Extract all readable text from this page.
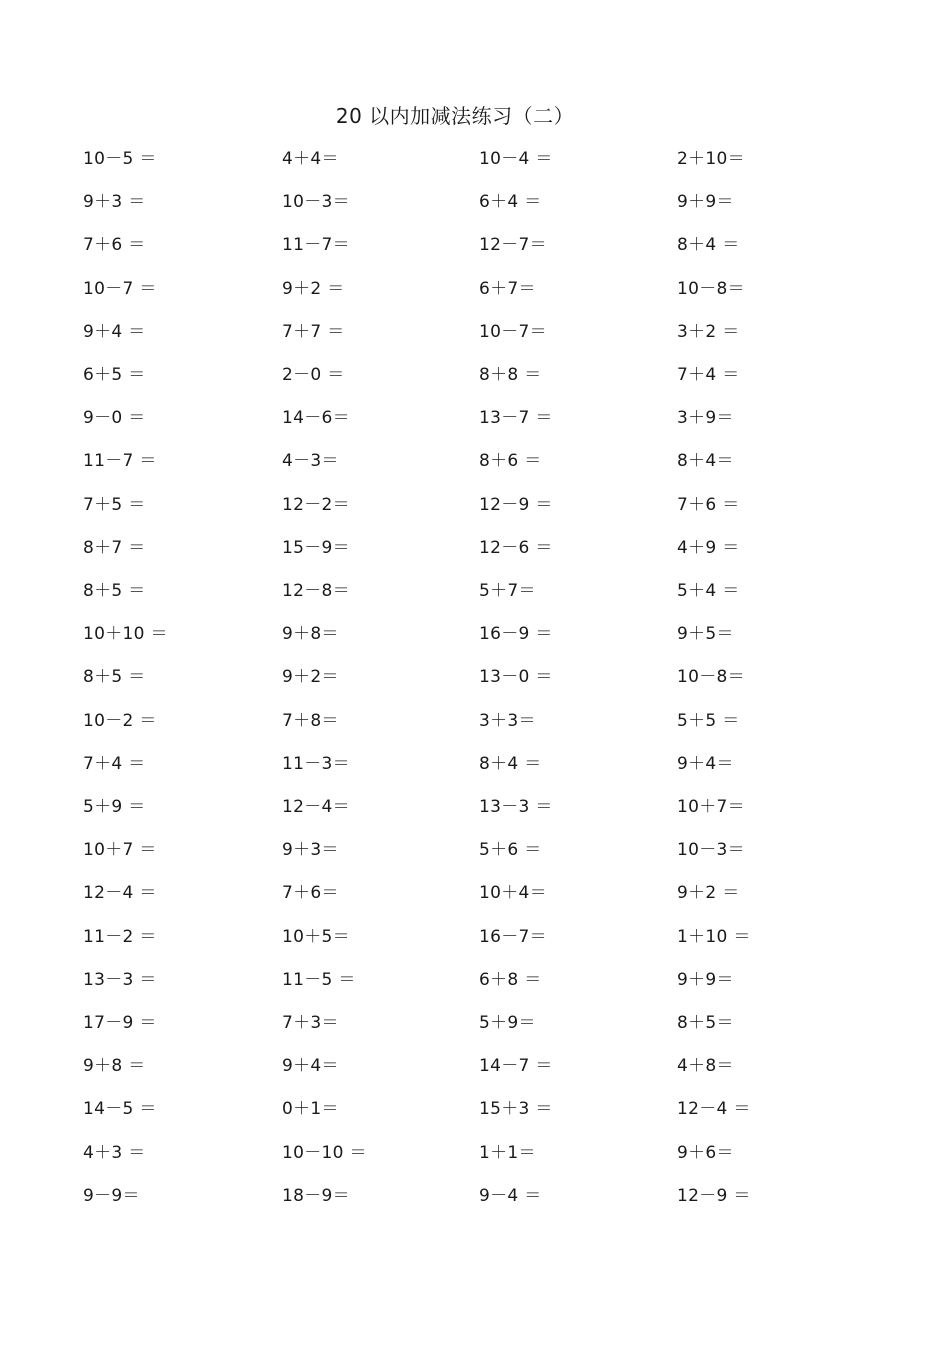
20 以内加减法练习（二）
10－5 ＝
9＋3 ＝
7＋6 ＝
10－7 ＝
9＋4 ＝
6＋5 ＝
9－0 ＝
11－7 ＝
7＋5 ＝
8＋7 ＝
8＋5 ＝
10＋10 ＝
8＋5 ＝
10－2 ＝
7＋4 ＝
5＋9 ＝
10＋7 ＝
12－4 ＝
11－2 ＝
13－3 ＝
17－9 ＝
9＋8 ＝
14－5 ＝
4＋3 ＝
9－9＝
4＋4＝
10－3＝
11－7＝
9＋2 ＝
7＋7 ＝
2－0 ＝
14－6＝
4－3＝
12－2＝
15－9＝
12－8＝
9＋8＝
9＋2＝
7＋8＝
11－3＝
12－4＝
9＋3＝
7＋6＝
10＋5＝
11－5 ＝
7＋3＝
9＋4＝
0＋1＝
10－10 ＝
18－9＝
10－4 ＝
6＋4 ＝
12－7＝
6＋7＝
10－7＝
8＋8 ＝
13－7 ＝
8＋6 ＝
12－9 ＝
12－6 ＝
5＋7＝
16－9 ＝
13－0 ＝
3＋3＝
8＋4 ＝
13－3 ＝
5＋6 ＝
10＋4＝
16－7＝
6＋8 ＝
5＋9＝
14－7 ＝
15＋3 ＝
1＋1＝
9－4 ＝
2＋10＝
9＋9＝
8＋4 ＝
10－8＝
3＋2 ＝
7＋4 ＝
3＋9＝
8＋4＝
7＋6 ＝
4＋9 ＝
5＋4 ＝
9＋5＝
10－8＝
5＋5 ＝
9＋4＝
10＋7＝
10－3＝
9＋2 ＝
1＋10 ＝
9＋9＝
8＋5＝
4＋8＝
12－4 ＝
9＋6＝
12－9 ＝
